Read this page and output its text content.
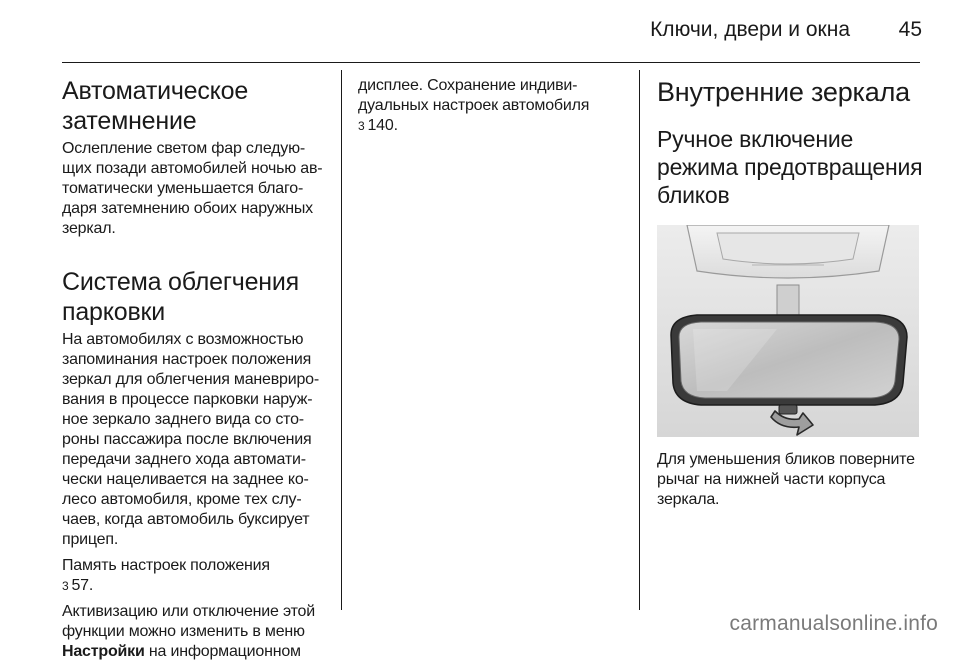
Ключи, двери и окна	45
Автоматическое
затемнение

Ослепление светом фар следую-
щих позади автомобилей ночью ав-
томатически уменьшается благо-
даря затемнению обоих наружных
зеркал.

Система облегчения
парковки

На автомобилях с возможностью
запоминания настроек положения
зеркал для облегчения маневриро-
вания в процессе парковки наруж-
ное зеркало заднего вида со сто-
роны пассажира после включения
передачи заднего хода автомати-
чески нацеливается на заднее ко-
лесо автомобиля, кроме тех слу-
чаев, когда автомобиль буксирует
прицеп.

Память настроек положения
3 57.

Активизацию или отключение этой
функции можно изменить в меню
Настройки на информационном

дисплее. Сохранение индиви-
дуальных настроек автомобиля
3 140.

Внутренние зеркала
Ручное включение
режима предотвращения
бликов

Для уменьшения бликов поверните
рычаг на нижней части корпуса
зеркала.

carmanualsonline.info
